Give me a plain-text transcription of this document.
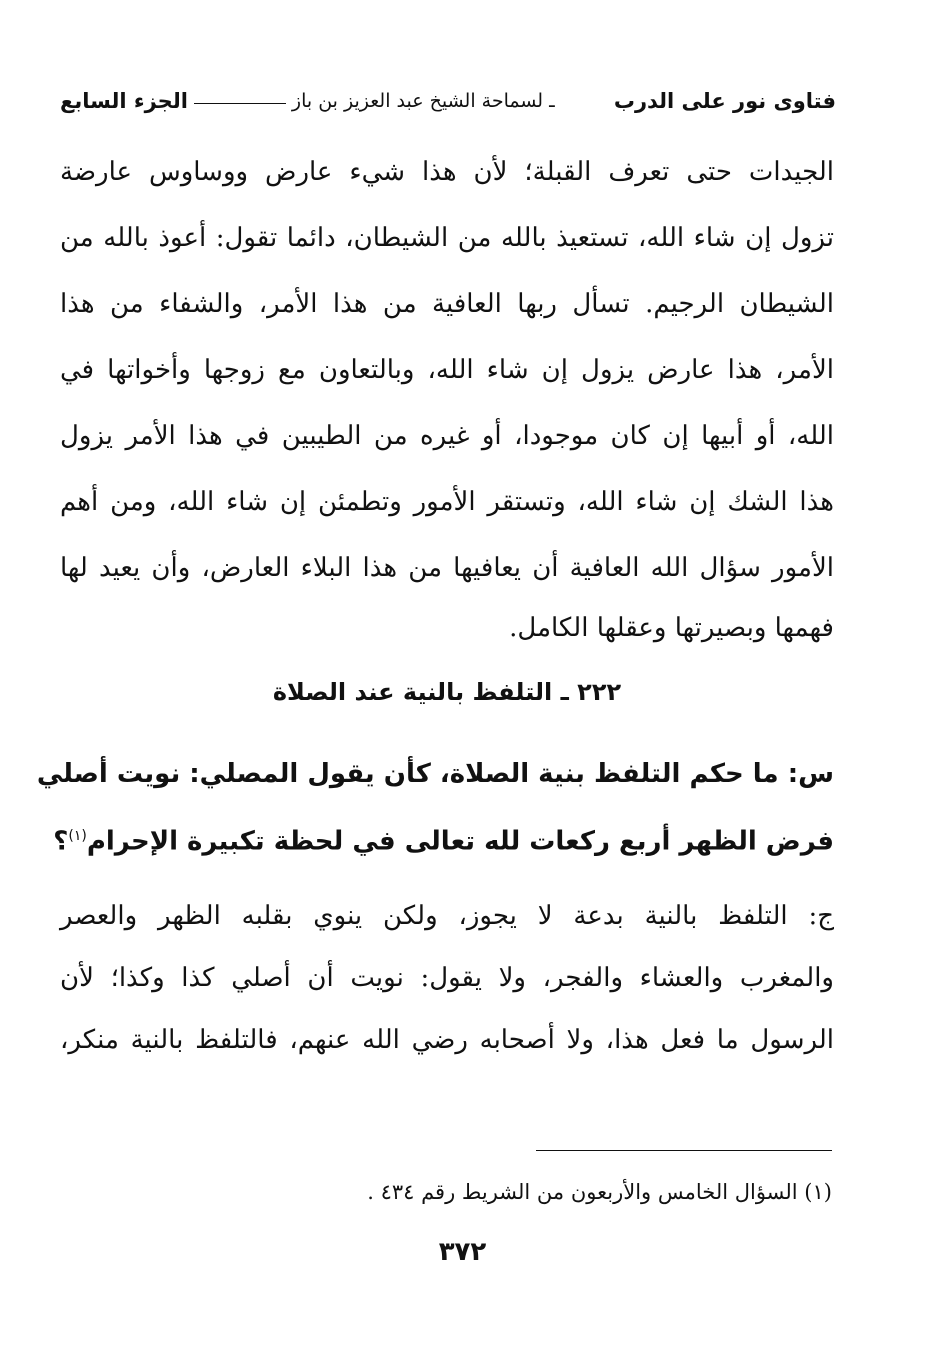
فتاوى نور على الدرب
ـ لسماحة الشيخ عبد العزيز بن باز
الجزء السابع
الجيدات حتى تعرف القبلة؛ لأن هذا شيء عارض ووساوس عارضة
تزول إن شاء الله، تستعيذ بالله من الشيطان، دائما تقول: أعوذ بالله من
الشيطان الرجيم. تسأل ربها العافية من هذا الأمر، والشفاء من هذا
الأمر، هذا عارض يزول إن شاء الله، وبالتعاون مع زوجها وأخواتها في
الله، أو أبيها إن كان موجودا، أو غيره من الطيبين في هذا الأمر يزول
هذا الشك إن شاء الله، وتستقر الأمور وتطمئن إن شاء الله، ومن أهم
الأمور سؤال الله العافية أن يعافيها من هذا البلاء العارض، وأن يعيد لها
فهمها وبصيرتها وعقلها الكامل.
٢٢٢ ـ التلفظ بالنية عند الصلاة
س: ما حكم التلفظ بنية الصلاة، كأن يقول المصلي: نويت أصلي
فرض الظهر أربع ركعات لله تعالى في لحظة تكبيرة الإحرام$^{(١)}$؟
ج: التلفظ بالنية بدعة لا يجوز، ولكن ينوي بقلبه الظهر والعصر
والمغرب والعشاء والفجر، ولا يقول: نويت أن أصلي كذا وكذا؛ لأن
الرسول ما فعل هذا، ولا أصحابه رضي الله عنهم، فالتلفظ بالنية منكر،
(١) السؤال الخامس والأربعون من الشريط رقم ٤٣٤ .
٣٧٢
